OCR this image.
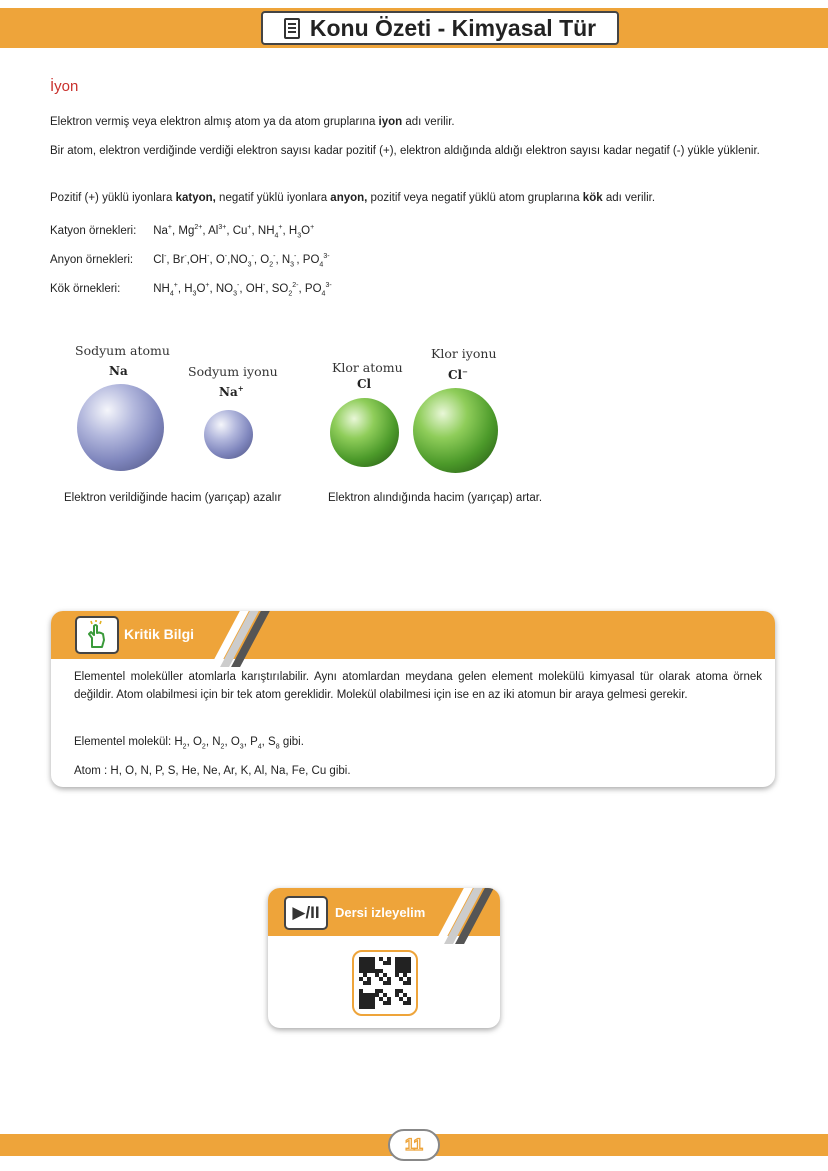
Konu Özeti - Kimyasal Tür
İyon
Elektron vermiş veya elektron almış atom ya da atom gruplarına iyon adı verilir.
Bir atom, elektron verdiğinde verdiği elektron sayısı kadar pozitif (+), elektron aldığında aldığı elektron sayısı kadar negatif (-) yükle yüklenir.
Pozitif (+) yüklü iyonlara katyon, negatif yüklü iyonlara anyon, pozitif veya negatif yüklü atom gruplarına kök adı verilir.
Katyon örnekleri: Na+, $Mg^{2+}$, $Al^{3+}$, Cu+, $NH_4^+$, $H_3O^+$
Anyon örnekleri: Cl-, Br-,OH-, $O^-,NO_3^-$, $O_2^-$, $N_3^-$, $PO_4^{3-}$
Kök örnekleri:	$NH_4^+$, $H_3O^+$, $NO_3^-$, OH-, $SO_2^{2-}$, $PO_4^{3-}$
Sodyum atomu
Na	Sodyum iyonu
Na+
Klor atomu
Cl
Klor iyonu
Cl−
Elektron verildiğinde hacim (yarıçap) azalır	Elektron alındığında hacim (yarıçap) artar.
Kritik Bilgi
Elementel moleküller atomlarla karıştırılabilir. Aynı atomlardan meydana gelen element molekülü kimyasal tür olarak atoma örnek değildir. Atom olabilmesi için bir tek atom gereklidir. Molekül olabilmesi için ise en az iki atomun bir araya gelmesi gerekir.
Elementel molekül: $H_2$, $O_2$, $N_2$, $O_3$, $P_4$, $S_8$ gibi.
Atom : H, O, N, P, S, He, Ne, Ar, K, Al, Na, Fe, Cu gibi.
▶/II	Dersi izleyelim
11
